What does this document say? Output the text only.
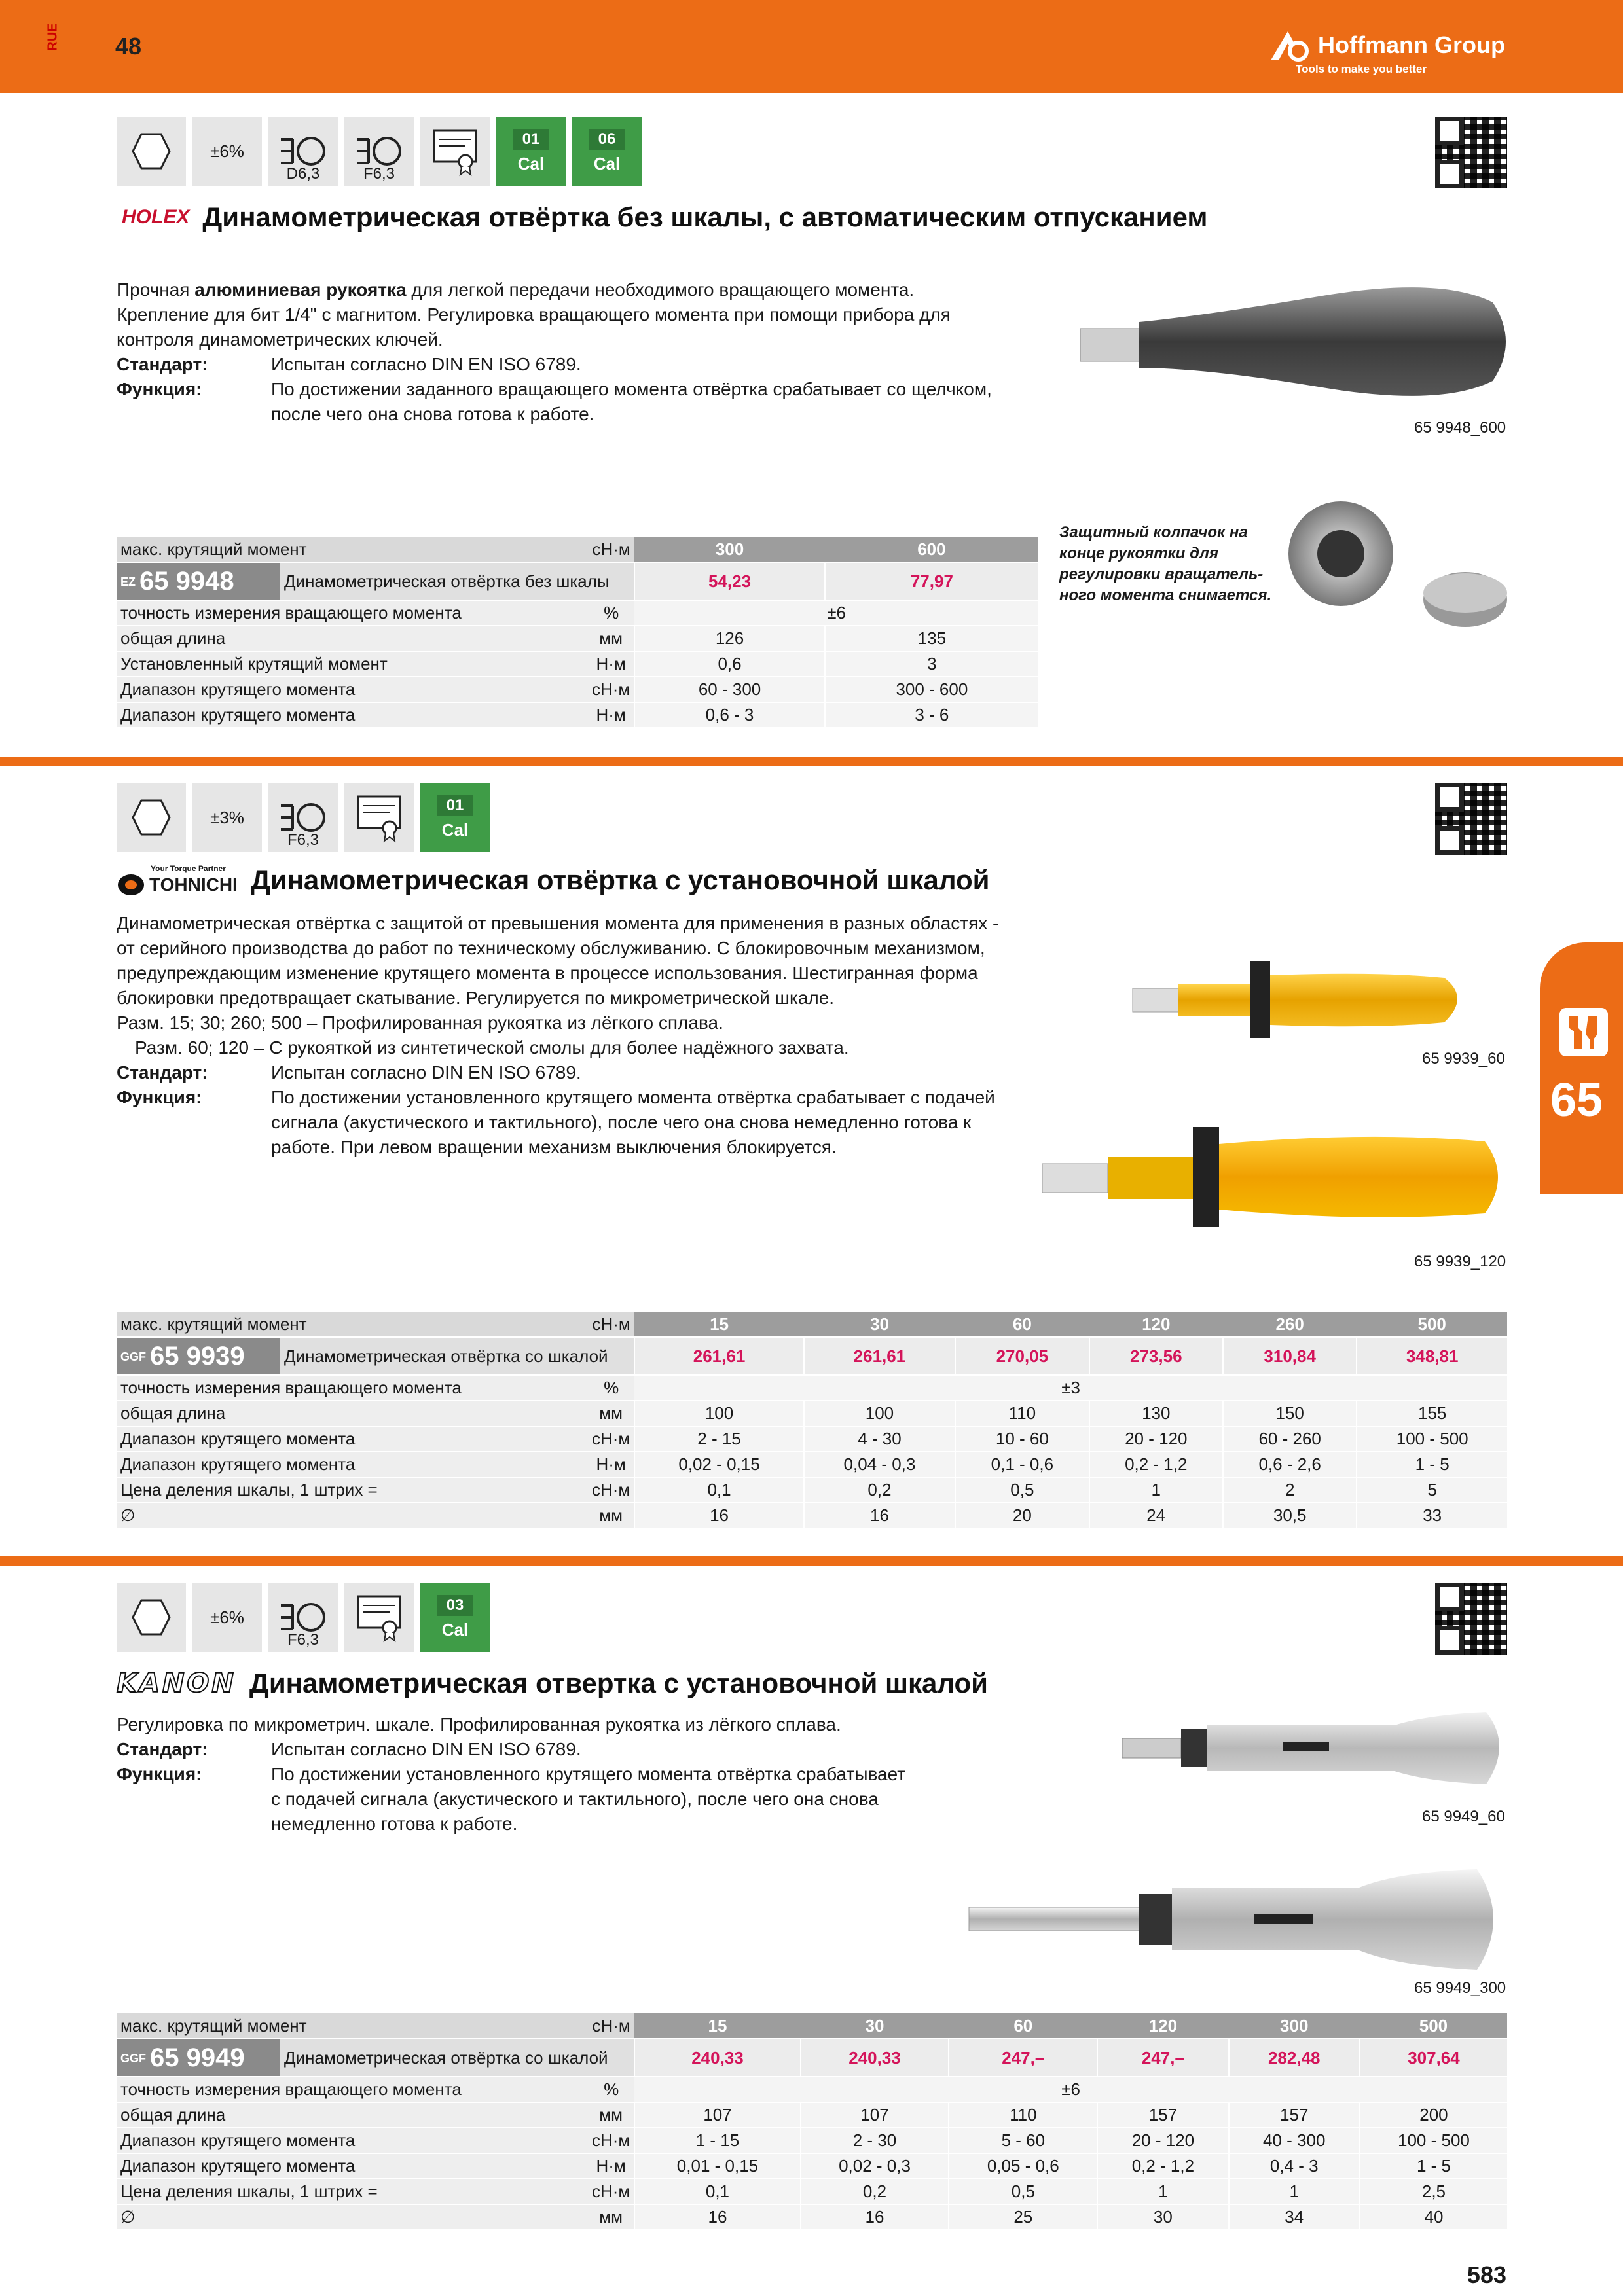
RUE 48	Hoffmann Group
Tools to make you better
65
±6%
D6,3	F6,3
01
Cal
06
Cal
HOLEX Динамометрическая отвёртка без шкалы, с автоматическим отпусканием
Прочная алюминиевая рукоятка для легкой передачи необходимого вращающего момента.
Крепление для бит 1/4" с магнитом. Регулировка вращающего момента при помощи прибора для
контроля динамометрических ключей.
Стандарт:	Испытан согласно DIN EN ISO 6789.
Функция:	По достижении заданного вращающего момента отвёртка срабатывает со щелчком,
после чего она снова готова к работе.
65 9948_600
Защитный колпачок на
конце рукоятки для
регулировки вращатель-
ного момента снимается.
макс. крутящий момент		cН·м	300	600
EZ 65 9948	Динамометрическая отвёртка без шкалы		54,23	77,97
точность измерения вращающего момента		%	±6	
общая длина		мм	126	135
Установленный крутящий момент		Н·м	0,6	3
Диапазон крутящего момента		cН·м	60 - 300	300 - 600
Диапазон крутящего момента		Н·м	0,6 - 3	3 - 6
±3%
F6,3
01
Cal
Your Torque Partner
TOHNICHI Динамометрическая отвёртка с установочной шкалой
Динамометрическая отвёртка с защитой от превышения момента для применения в разных областях -
от серийного производства до работ по техническому обслуживанию. С блокировочным механизмом,
предупреждающим изменение крутящего момента в процессе использования. Шестигранная форма
блокировки предотвращает скатывание. Регулируется по микрометрической шкале.
Разм. 15; 30; 260; 500 – Профилированная рукоятка из лёгкого сплава.
Разм. 60; 120 – С рукояткой из синтетической смолы для более надёжного захвата.
Стандарт:	Испытан согласно DIN EN ISO 6789.
Функция:	По достижении установленного крутящего момента отвёртка срабатывает с подачей
сигнала (акустического и тактильного), после чего она снова немедленно готова к
работе. При левом вращении механизм выключения блокируется.
65 9939_60
65 9939_120
макс. крутящий момент		cН·м	15	30	60	120	260	500
GGF 65 9939	Динамометрическая отвёртка со шкалой		261,61	261,61	270,05	273,56	310,84	348,81
точность измерения вращающего момента		%	±3					
общая длина		мм	100	100	110	130	150	155
Диапазон крутящего момента		cН·м	2 - 15	4 - 30	10 - 60	20 - 120	60 - 260	100 - 500
Диапазон крутящего момента		Н·м	0,02 - 0,15	0,04 - 0,3	0,1 - 0,6	0,2 - 1,2	0,6 - 2,6	1 - 5
Цена деления шкалы, 1 штрих =		cН·м	0,1	0,2	0,5	1	2	5
∅		мм	16	16	20	24	30,5	33
±6%
F6,3
03
Cal
KANON Динамометрическая отвертка с установочной шкалой
Регулировка по микрометрич. шкале. Профилированная рукоятка из лёгкого сплава.
Стандарт:	Испытан согласно DIN EN ISO 6789.
Функция:	По достижении установленного крутящего момента отвёртка срабатывает
с подачей сигнала (акустического и тактильного), после чего она снова
немедленно готова к работе.	65 9949_60
65 9949_300
макс. крутящий момент		cН·м	15	30	60	120	300	500
GGF 65 9949	Динамометрическая отвёртка со шкалой		240,33	240,33	247,–	247,–	282,48	307,64
точность измерения вращающего момента		%	±6					
общая длина		мм	107	107	110	157	157	200
Диапазон крутящего момента		cН·м	1 - 15	2 - 30	5 - 60	20 - 120	40 - 300	100 - 500
Диапазон крутящего момента		Н·м	0,01 - 0,15	0,02 - 0,3	0,05 - 0,6	0,2 - 1,2	0,4 - 3	1 - 5
Цена деления шкалы, 1 штрих =		cН·м	0,1	0,2	0,5	1	1	2,5
∅		мм	16	16	25	30	34	40
583
